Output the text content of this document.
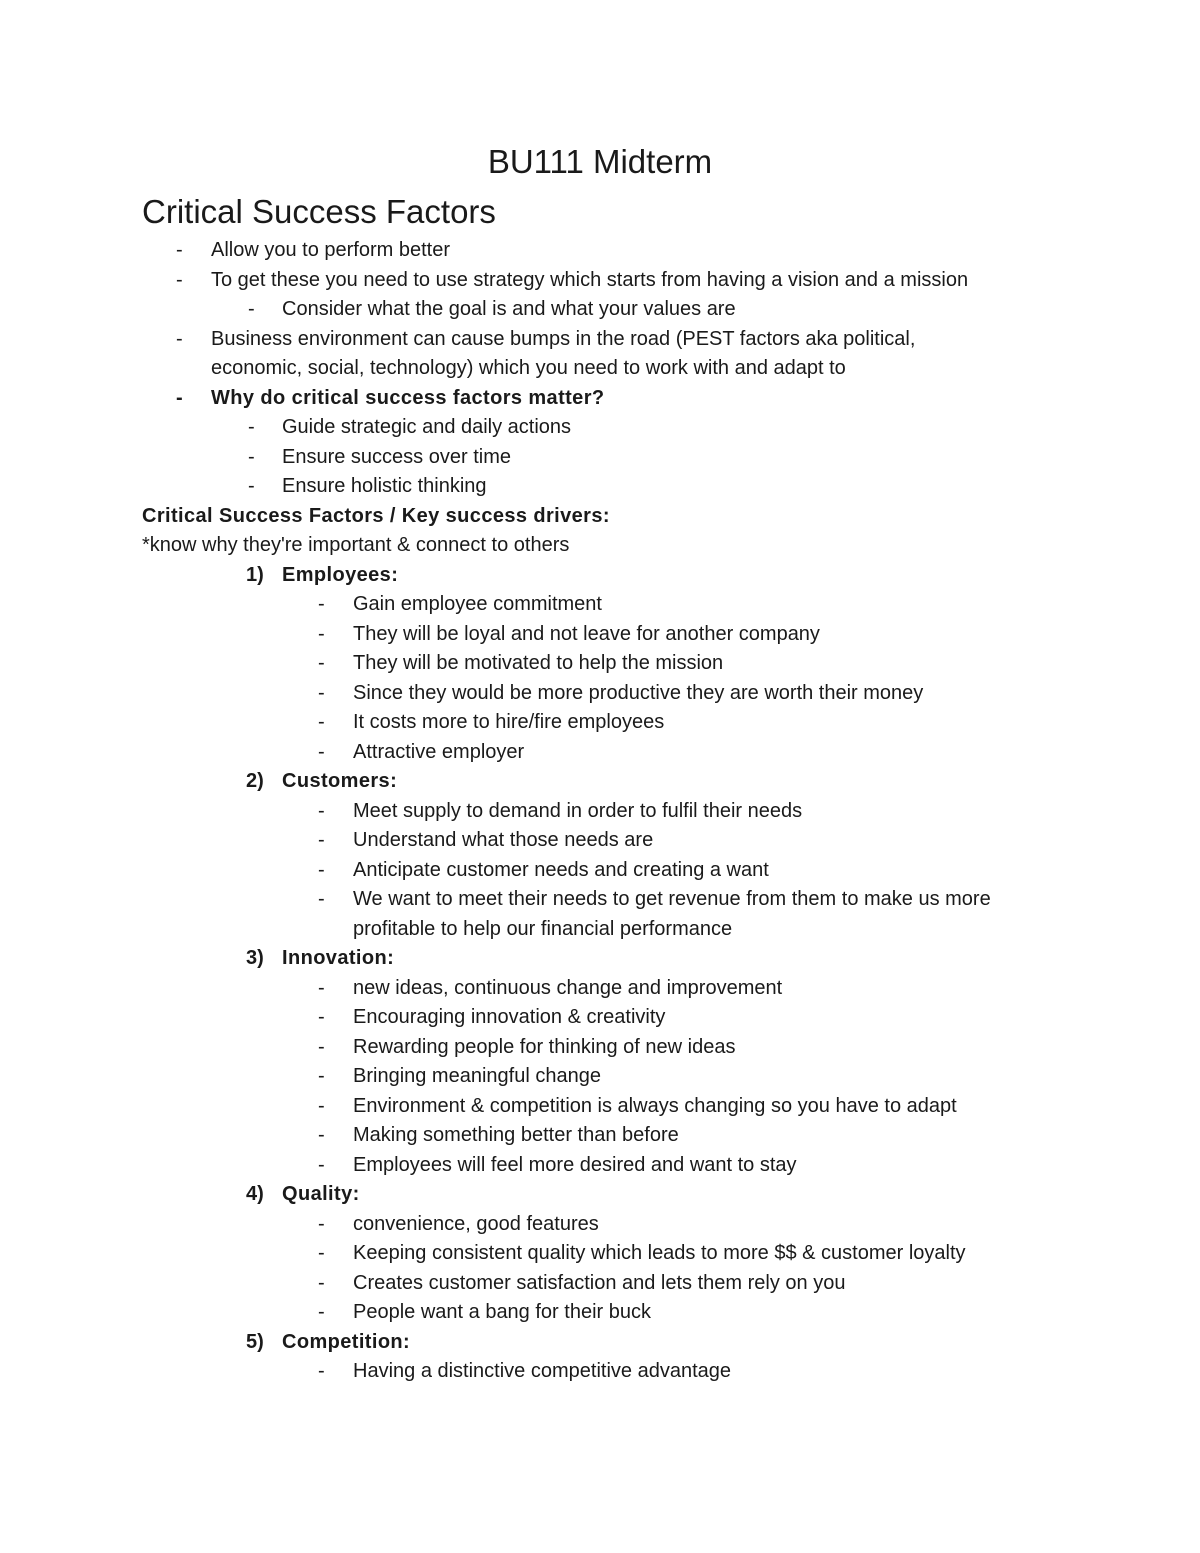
BU111 Midterm
Critical Success Factors
- Allow you to perform better
- To get these you need to use strategy which starts from having a vision and a mission
- Consider what the goal is and what your values are
- Business environment can cause bumps in the road (PEST factors aka political, economic, social, technology) which you need to work with and adapt to
- Why do critical success factors matter?
- Guide strategic and daily actions
- Ensure success over time
- Ensure holistic thinking
Critical Success Factors / Key success drivers:
*know why they're important & connect to others
1) Employees:
- Gain employee commitment
- They will be loyal and not leave for another company
- They will be motivated to help the mission
- Since they would be more productive they are worth their money
- It costs more to hire/fire employees
- Attractive employer
2) Customers:
- Meet supply to demand in order to fulfil their needs
- Understand what those needs are
- Anticipate customer needs and creating a want
- We want to meet their needs to get revenue from them to make us more profitable to help our financial performance
3) Innovation:
- new ideas, continuous change and improvement
- Encouraging innovation & creativity
- Rewarding people for thinking of new ideas
- Bringing meaningful change
- Environment & competition is always changing so you have to adapt
- Making something better than before
- Employees will feel more desired and want to stay
4) Quality:
- convenience, good features
- Keeping consistent quality which leads to more $$ & customer loyalty
- Creates customer satisfaction and lets them rely on you
- People want a bang for their buck
5) Competition:
- Having a distinctive competitive advantage
